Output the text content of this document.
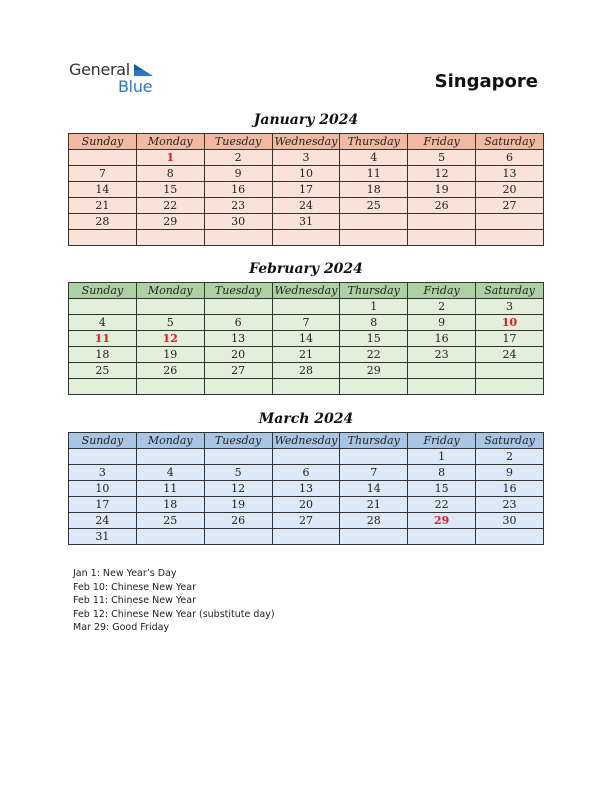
General
Blue	Singapore
January 2024
Sunday	Monday	Tuesday	Wednesday	Thursday	Friday	Saturday
	1	2	3	4	5	6
7	8	9	10	11	12	13
14	15	16	17	18	19	20
21	22	23	24	25	26	27
28	29	30	31			

February 2024
Sunday	Monday	Tuesday	Wednesday	Thursday	Friday	Saturday
				1	2	3
4	5	6	7	8	9	10
11	12	13	14	15	16	17
18	19	20	21	22	23	24
25	26	27	28	29		

March 2024
Sunday	Monday	Tuesday	Wednesday	Thursday	Friday	Saturday
					1	2
3	4	5	6	7	8	9
10	11	12	13	14	15	16
17	18	19	20	21	22	23
24	25	26	27	28	29	30
31						
Jan 1: New Year’s Day
Feb 10: Chinese New Year
Feb 11: Chinese New Year
Feb 12: Chinese New Year (substitute day)
Mar 29: Good Friday
